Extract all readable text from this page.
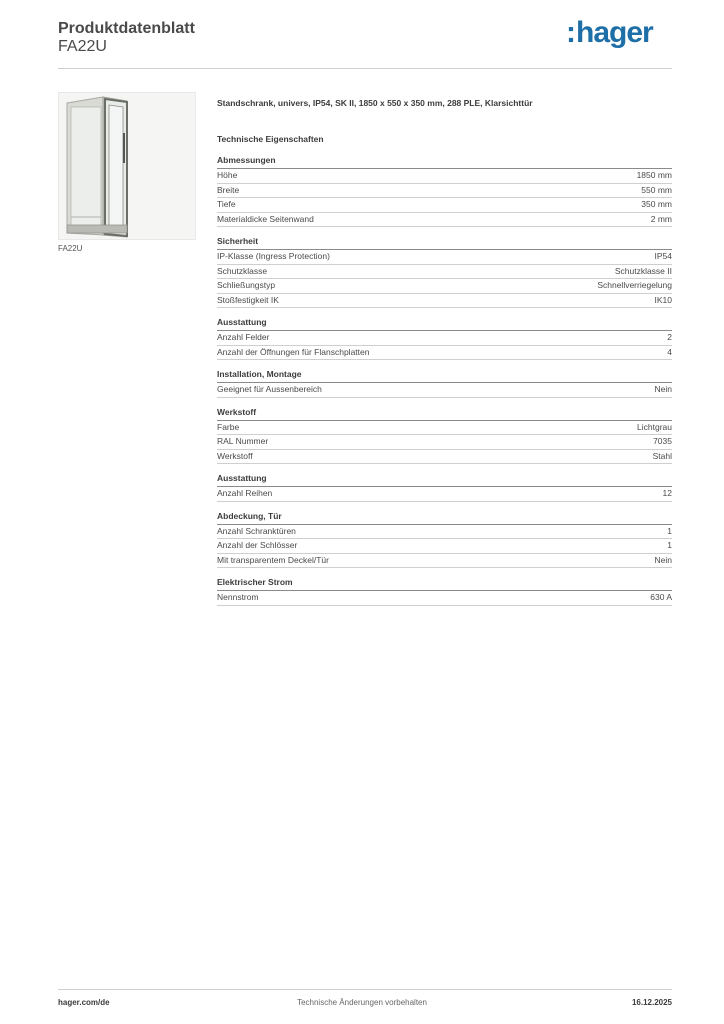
Produktdatenblatt
FA22U	:hager
FA22U
Standschrank, univers, IP54, SK II, 1850 x 550 x 350 mm, 288 PLE, Klarsichttür
Technische Eigenschaften
Abmessungen
Höhe	1850 mm
Breite	550 mm
Tiefe	350 mm
Materialdicke Seitenwand	2 mm
Sicherheit
IP-Klasse (Ingress Protection)	IP54
Schutzklasse	Schutzklasse II
Schließungstyp	Schnellverriegelung
Stoßfestigkeit IK	IK10
Ausstattung
Anzahl Felder	2
Anzahl der Öffnungen für Flanschplatten	4
Installation, Montage
Geeignet für Aussenbereich	Nein
Werkstoff
Farbe	Lichtgrau
RAL Nummer	7035
Werkstoff	Stahl
Ausstattung
Anzahl Reihen	12
Abdeckung, Tür
Anzahl Schranktüren	1
Anzahl der Schlösser	1
Mit transparentem Deckel/Tür	Nein
Elektrischer Strom
Nennstrom	630 A
hager.com/de	Technische Änderungen vorbehalten	16.12.2025
